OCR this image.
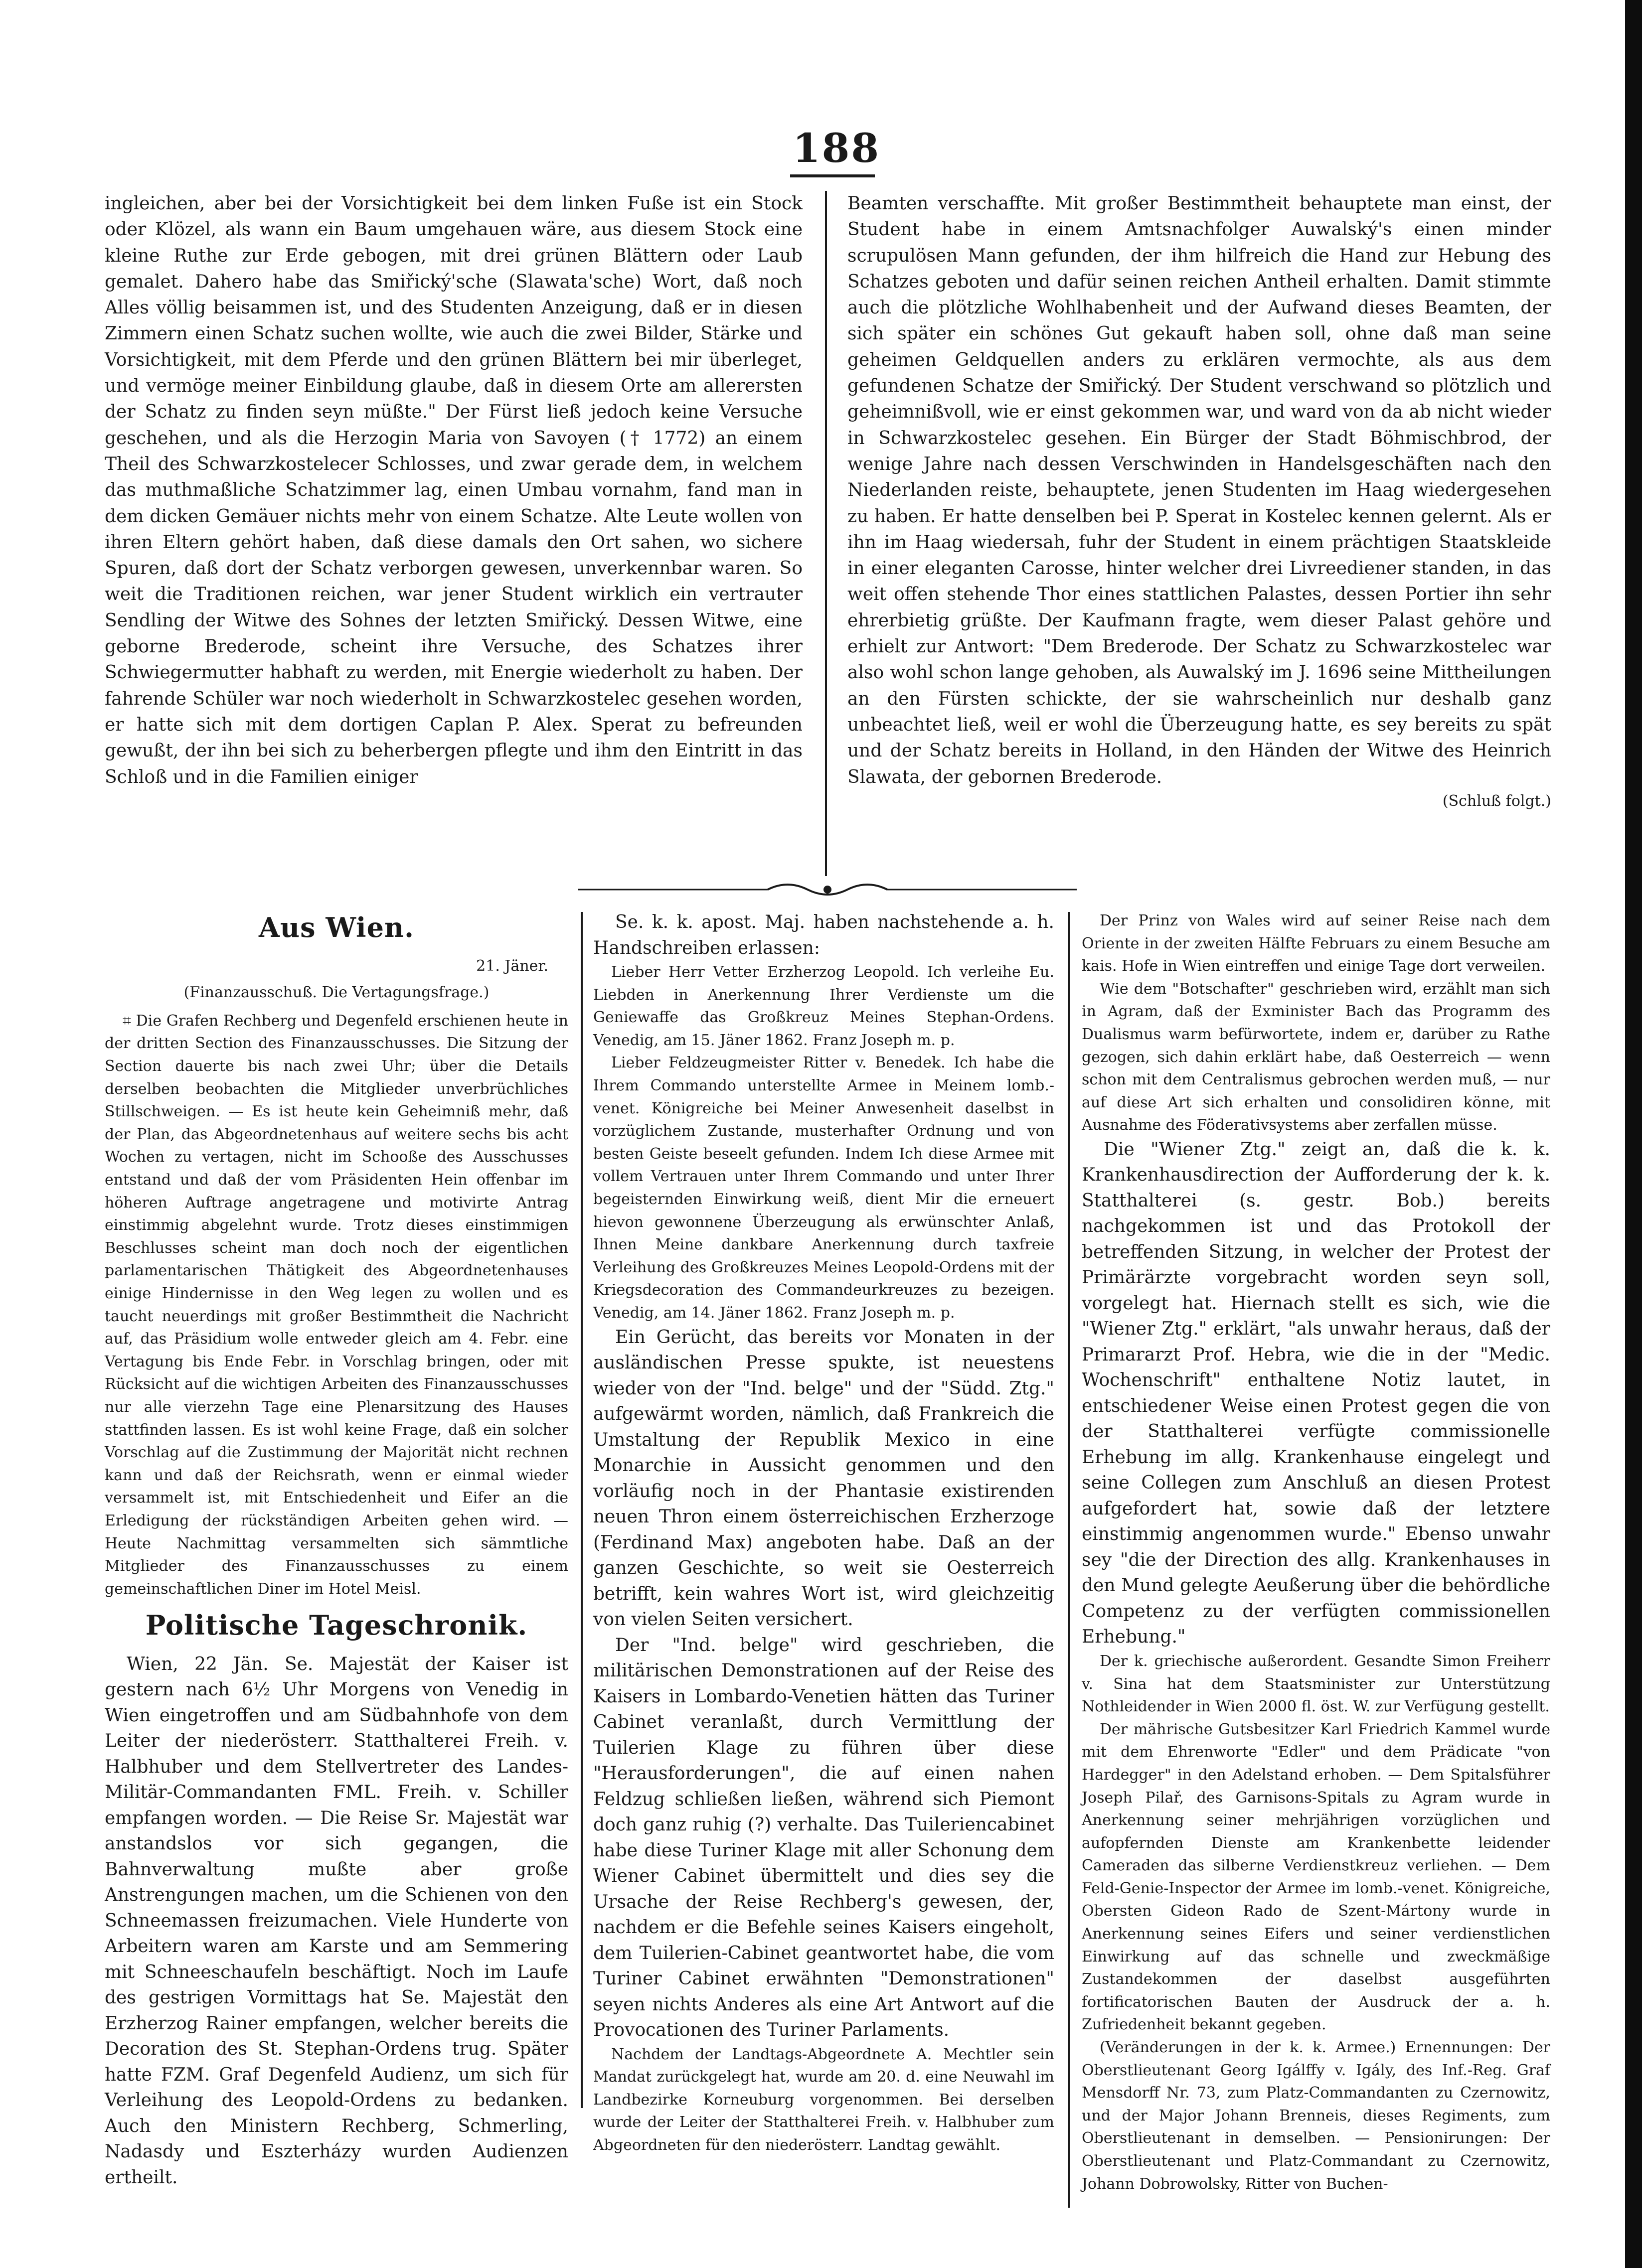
188

ingleichen, aber bei der Vorsichtigkeit bei dem linken Fuße ist ein Stock oder Klözel, als wann ein Baum umgehauen wäre, aus diesem Stock eine kleine Ruthe zur Erde gebogen, mit drei grünen Blättern oder Laub gemalet. Dahero habe das Smiřický'sche (Slawata'sche) Wort, daß noch Alles völlig beisammen ist, und des Studenten Anzeigung, daß er in diesen Zimmern einen Schatz suchen wollte, wie auch die zwei Bilder, Stärke und Vorsichtigkeit, mit dem Pferde und den grünen Blättern bei mir überleget, und vermöge meiner Einbildung glaube, daß in diesem Orte am allerersten der Schatz zu finden seyn müßte." Der Fürst ließ jedoch keine Versuche geschehen, und als die Herzogin Maria von Savoyen († 1772) an einem Theil des Schwarzkostelecer Schlosses, und zwar gerade dem, in welchem das muthmaßliche Schatzimmer lag, einen Umbau vornahm, fand man in dem dicken Gemäuer nichts mehr von einem Schatze. Alte Leute wollen von ihren Eltern gehört haben, daß diese damals den Ort sahen, wo sichere Spuren, daß dort der Schatz verborgen gewesen, unverkennbar waren. So weit die Traditionen reichen, war jener Student wirklich ein vertrauter Sendling der Witwe des Sohnes der letzten Smiřický. Dessen Witwe, eine geborne Brederode, scheint ihre Versuche, des Schatzes ihrer Schwiegermutter habhaft zu werden, mit Energie wiederholt zu haben. Der fahrende Schüler war noch wiederholt in Schwarzkostelec gesehen worden, er hatte sich mit dem dortigen Caplan P. Alex. Sperat zu befreunden gewußt, der ihn bei sich zu beherbergen pflegte und ihm den Eintritt in das Schloß und in die Familien einiger

Beamten verschaffte. Mit großer Bestimmtheit behauptete man einst, der Student habe in einem Amtsnachfolger Auwalský's einen minder scrupulösen Mann gefunden, der ihm hilfreich die Hand zur Hebung des Schatzes geboten und dafür seinen reichen Antheil erhalten. Damit stimmte auch die plötzliche Wohlhabenheit und der Aufwand dieses Beamten, der sich später ein schönes Gut gekauft haben soll, ohne daß man seine geheimen Geldquellen anders zu erklären vermochte, als aus dem gefundenen Schatze der Smiřický. Der Student verschwand so plötzlich und geheimnißvoll, wie er einst gekommen war, und ward von da ab nicht wieder in Schwarzkostelec gesehen. Ein Bürger der Stadt Böhmischbrod, der wenige Jahre nach dessen Verschwinden in Handelsgeschäften nach den Niederlanden reiste, behauptete, jenen Studenten im Haag wiedergesehen zu haben. Er hatte denselben bei P. Sperat in Kostelec kennen gelernt. Als er ihn im Haag wiedersah, fuhr der Student in einem prächtigen Staatskleide in einer eleganten Carosse, hinter welcher drei Livreediener standen, in das weit offen stehende Thor eines stattlichen Palastes, dessen Portier ihn sehr ehrerbietig grüßte. Der Kaufmann fragte, wem dieser Palast gehöre und erhielt zur Antwort: "Dem Brederode. Der Schatz zu Schwarzkostelec war also wohl schon lange gehoben, als Auwalský im J. 1696 seine Mittheilungen an den Fürsten schickte, der sie wahrscheinlich nur deshalb ganz unbeachtet ließ, weil er wohl die Überzeugung hatte, es sey bereits zu spät und der Schatz bereits in Holland, in den Händen der Witwe des Heinrich Slawata, der gebornen Brederode.

(Schluß folgt.)
Aus Wien.
21. Jäner.
(Finanzausschuß. Die Vertagungsfrage.)

⌗ Die Grafen Rechberg und Degenfeld erschienen heute in der dritten Section des Finanzausschusses. Die Sitzung der Section dauerte bis nach zwei Uhr; über die Details derselben beobachten die Mitglieder unverbrüchliches Stillschweigen. — Es ist heute kein Geheimniß mehr, daß der Plan, das Abgeordnetenhaus auf weitere sechs bis acht Wochen zu vertagen, nicht im Schooße des Ausschusses entstand und daß der vom Präsidenten Hein offenbar im höheren Auftrage angetragene und motivirte Antrag einstimmig abgelehnt wurde. Trotz dieses einstimmigen Beschlusses scheint man doch noch der eigentlichen parlamentarischen Thätigkeit des Abgeordnetenhauses einige Hindernisse in den Weg legen zu wollen und es taucht neuerdings mit großer Bestimmtheit die Nachricht auf, das Präsidium wolle entweder gleich am 4. Febr. eine Vertagung bis Ende Febr. in Vorschlag bringen, oder mit Rücksicht auf die wichtigen Arbeiten des Finanzausschusses nur alle vierzehn Tage eine Plenarsitzung des Hauses stattfinden lassen. Es ist wohl keine Frage, daß ein solcher Vorschlag auf die Zustimmung der Majorität nicht rechnen kann und daß der Reichsrath, wenn er einmal wieder versammelt ist, mit Entschiedenheit und Eifer an die Erledigung der rückständigen Arbeiten gehen wird. — Heute Nachmittag versammelten sich sämmtliche Mitglieder des Finanzausschusses zu einem gemeinschaftlichen Diner im Hotel Meisl.

Politische Tageschronik.

Wien, 22 Jän. Se. Majestät der Kaiser ist gestern nach 6½ Uhr Morgens von Venedig in Wien eingetroffen und am Südbahnhofe von dem Leiter der niederösterr. Statthalterei Freih. v. Halbhuber und dem Stellvertreter des Landes-Militär-Commandanten FML. Freih. v. Schiller empfangen worden. — Die Reise Sr. Majestät war anstandslos vor sich gegangen, die Bahnverwaltung mußte aber große Anstrengungen machen, um die Schienen von den Schneemassen freizumachen. Viele Hunderte von Arbeitern waren am Karste und am Semmering mit Schneeschaufeln beschäftigt. Noch im Laufe des gestrigen Vormittags hat Se. Majestät den Erzherzog Rainer empfangen, welcher bereits die Decoration des St. Stephan-Ordens trug. Später hatte FZM. Graf Degenfeld Audienz, um sich für Verleihung des Leopold-Ordens zu bedanken. Auch den Ministern Rechberg, Schmerling, Nadasdy und Eszterházy wurden Audienzen ertheilt.

Se. k. k. apost. Maj. haben nachstehende a. h. Handschreiben erlassen:

Lieber Herr Vetter Erzherzog Leopold. Ich verleihe Eu. Liebden in Anerkennung Ihrer Verdienste um die Geniewaffe das Großkreuz Meines Stephan-Ordens. Venedig, am 15. Jäner 1862. Franz Joseph m. p.

Lieber Feldzeugmeister Ritter v. Benedek. Ich habe die Ihrem Commando unterstellte Armee in Meinem lomb.-venet. Königreiche bei Meiner Anwesenheit daselbst in vorzüglichem Zustande, musterhafter Ordnung und von besten Geiste beseelt gefunden. Indem Ich diese Armee mit vollem Vertrauen unter Ihrem Commando und unter Ihrer begeisternden Einwirkung weiß, dient Mir die erneuert hievon gewonnene Überzeugung als erwünschter Anlaß, Ihnen Meine dankbare Anerkennung durch taxfreie Verleihung des Großkreuzes Meines Leopold-Ordens mit der Kriegsdecoration des Commandeurkreuzes zu bezeigen. Venedig, am 14. Jäner 1862. Franz Joseph m. p.

Ein Gerücht, das bereits vor Monaten in der ausländischen Presse spukte, ist neuestens wieder von der "Ind. belge" und der "Südd. Ztg." aufgewärmt worden, nämlich, daß Frankreich die Umstaltung der Republik Mexico in eine Monarchie in Aussicht genommen und den vorläufig noch in der Phantasie existirenden neuen Thron einem österreichischen Erzherzoge (Ferdinand Max) angeboten habe. Daß an der ganzen Geschichte, so weit sie Oesterreich betrifft, kein wahres Wort ist, wird gleichzeitig von vielen Seiten versichert.

Der "Ind. belge" wird geschrieben, die militärischen Demonstrationen auf der Reise des Kaisers in Lombardo-Venetien hätten das Turiner Cabinet veranlaßt, durch Vermittlung der Tuilerien Klage zu führen über diese "Herausforderungen", die auf einen nahen Feldzug schließen ließen, während sich Piemont doch ganz ruhig (?) verhalte. Das Tuileriencabinet habe diese Turiner Klage mit aller Schonung dem Wiener Cabinet übermittelt und dies sey die Ursache der Reise Rechberg's gewesen, der, nachdem er die Befehle seines Kaisers eingeholt, dem Tuilerien-Cabinet geantwortet habe, die vom Turiner Cabinet erwähnten "Demonstrationen" seyen nichts Anderes als eine Art Antwort auf die Provocationen des Turiner Parlaments.

Nachdem der Landtags-Abgeordnete A. Mechtler sein Mandat zurückgelegt hat, wurde am 20. d. eine Neuwahl im Landbezirke Korneuburg vorgenommen. Bei derselben wurde der Leiter der Statthalterei Freih. v. Halbhuber zum Abgeordneten für den niederösterr. Landtag gewählt.

Der Prinz von Wales wird auf seiner Reise nach dem Oriente in der zweiten Hälfte Februars zu einem Besuche am kais. Hofe in Wien eintreffen und einige Tage dort verweilen.

Wie dem "Botschafter" geschrieben wird, erzählt man sich in Agram, daß der Exminister Bach das Programm des Dualismus warm befürwortete, indem er, darüber zu Rathe gezogen, sich dahin erklärt habe, daß Oesterreich — wenn schon mit dem Centralismus gebrochen werden muß, — nur auf diese Art sich erhalten und consolidiren könne, mit Ausnahme des Föderativsystems aber zerfallen müsse.

Die "Wiener Ztg." zeigt an, daß die k. k. Krankenhausdirection der Aufforderung der k. k. Statthalterei (s. gestr. Bob.) bereits nachgekommen ist und das Protokoll der betreffenden Sitzung, in welcher der Protest der Primärärzte vorgebracht worden seyn soll, vorgelegt hat. Hiernach stellt es sich, wie die "Wiener Ztg." erklärt, "als unwahr heraus, daß der Primararzt Prof. Hebra, wie die in der "Medic. Wochenschrift" enthaltene Notiz lautet, in entschiedener Weise einen Protest gegen die von der Statthalterei verfügte commissionelle Erhebung im allg. Krankenhause eingelegt und seine Collegen zum Anschluß an diesen Protest aufgefordert hat, sowie daß der letztere einstimmig angenommen wurde." Ebenso unwahr sey "die der Direction des allg. Krankenhauses in den Mund gelegte Aeußerung über die behördliche Competenz zu der verfügten commissionellen Erhebung."

Der k. griechische außerordent. Gesandte Simon Freiherr v. Sina hat dem Staatsminister zur Unterstützung Nothleidender in Wien 2000 fl. öst. W. zur Verfügung gestellt.

Der mährische Gutsbesitzer Karl Friedrich Kammel wurde mit dem Ehrenworte "Edler" und dem Prädicate "von Hardegger" in den Adelstand erhoben. — Dem Spitalsführer Joseph Pilař, des Garnisons-Spitals zu Agram wurde in Anerkennung seiner mehrjährigen vorzüglichen und aufopfernden Dienste am Krankenbette leidender Cameraden das silberne Verdienstkreuz verliehen. — Dem Feld-Genie-Inspector der Armee im lomb.-venet. Königreiche, Obersten Gideon Rado de Szent-Mártony wurde in Anerkennung seines Eifers und seiner verdienstlichen Einwirkung auf das schnelle und zweckmäßige Zustandekommen der daselbst ausgeführten fortificatorischen Bauten der Ausdruck der a. h. Zufriedenheit bekannt gegeben.

(Veränderungen in der k. k. Armee.) Ernennungen: Der Oberstlieutenant Georg Igálffy v. Igály, des Inf.-Reg. Graf Mensdorff Nr. 73, zum Platz-Commandanten zu Czernowitz, und der Major Johann Brenneis, dieses Regiments, zum Oberstlieutenant in demselben. — Pensionirungen: Der Oberstlieutenant und Platz-Commandant zu Czernowitz, Johann Dobrowolsky, Ritter von Buchen-
